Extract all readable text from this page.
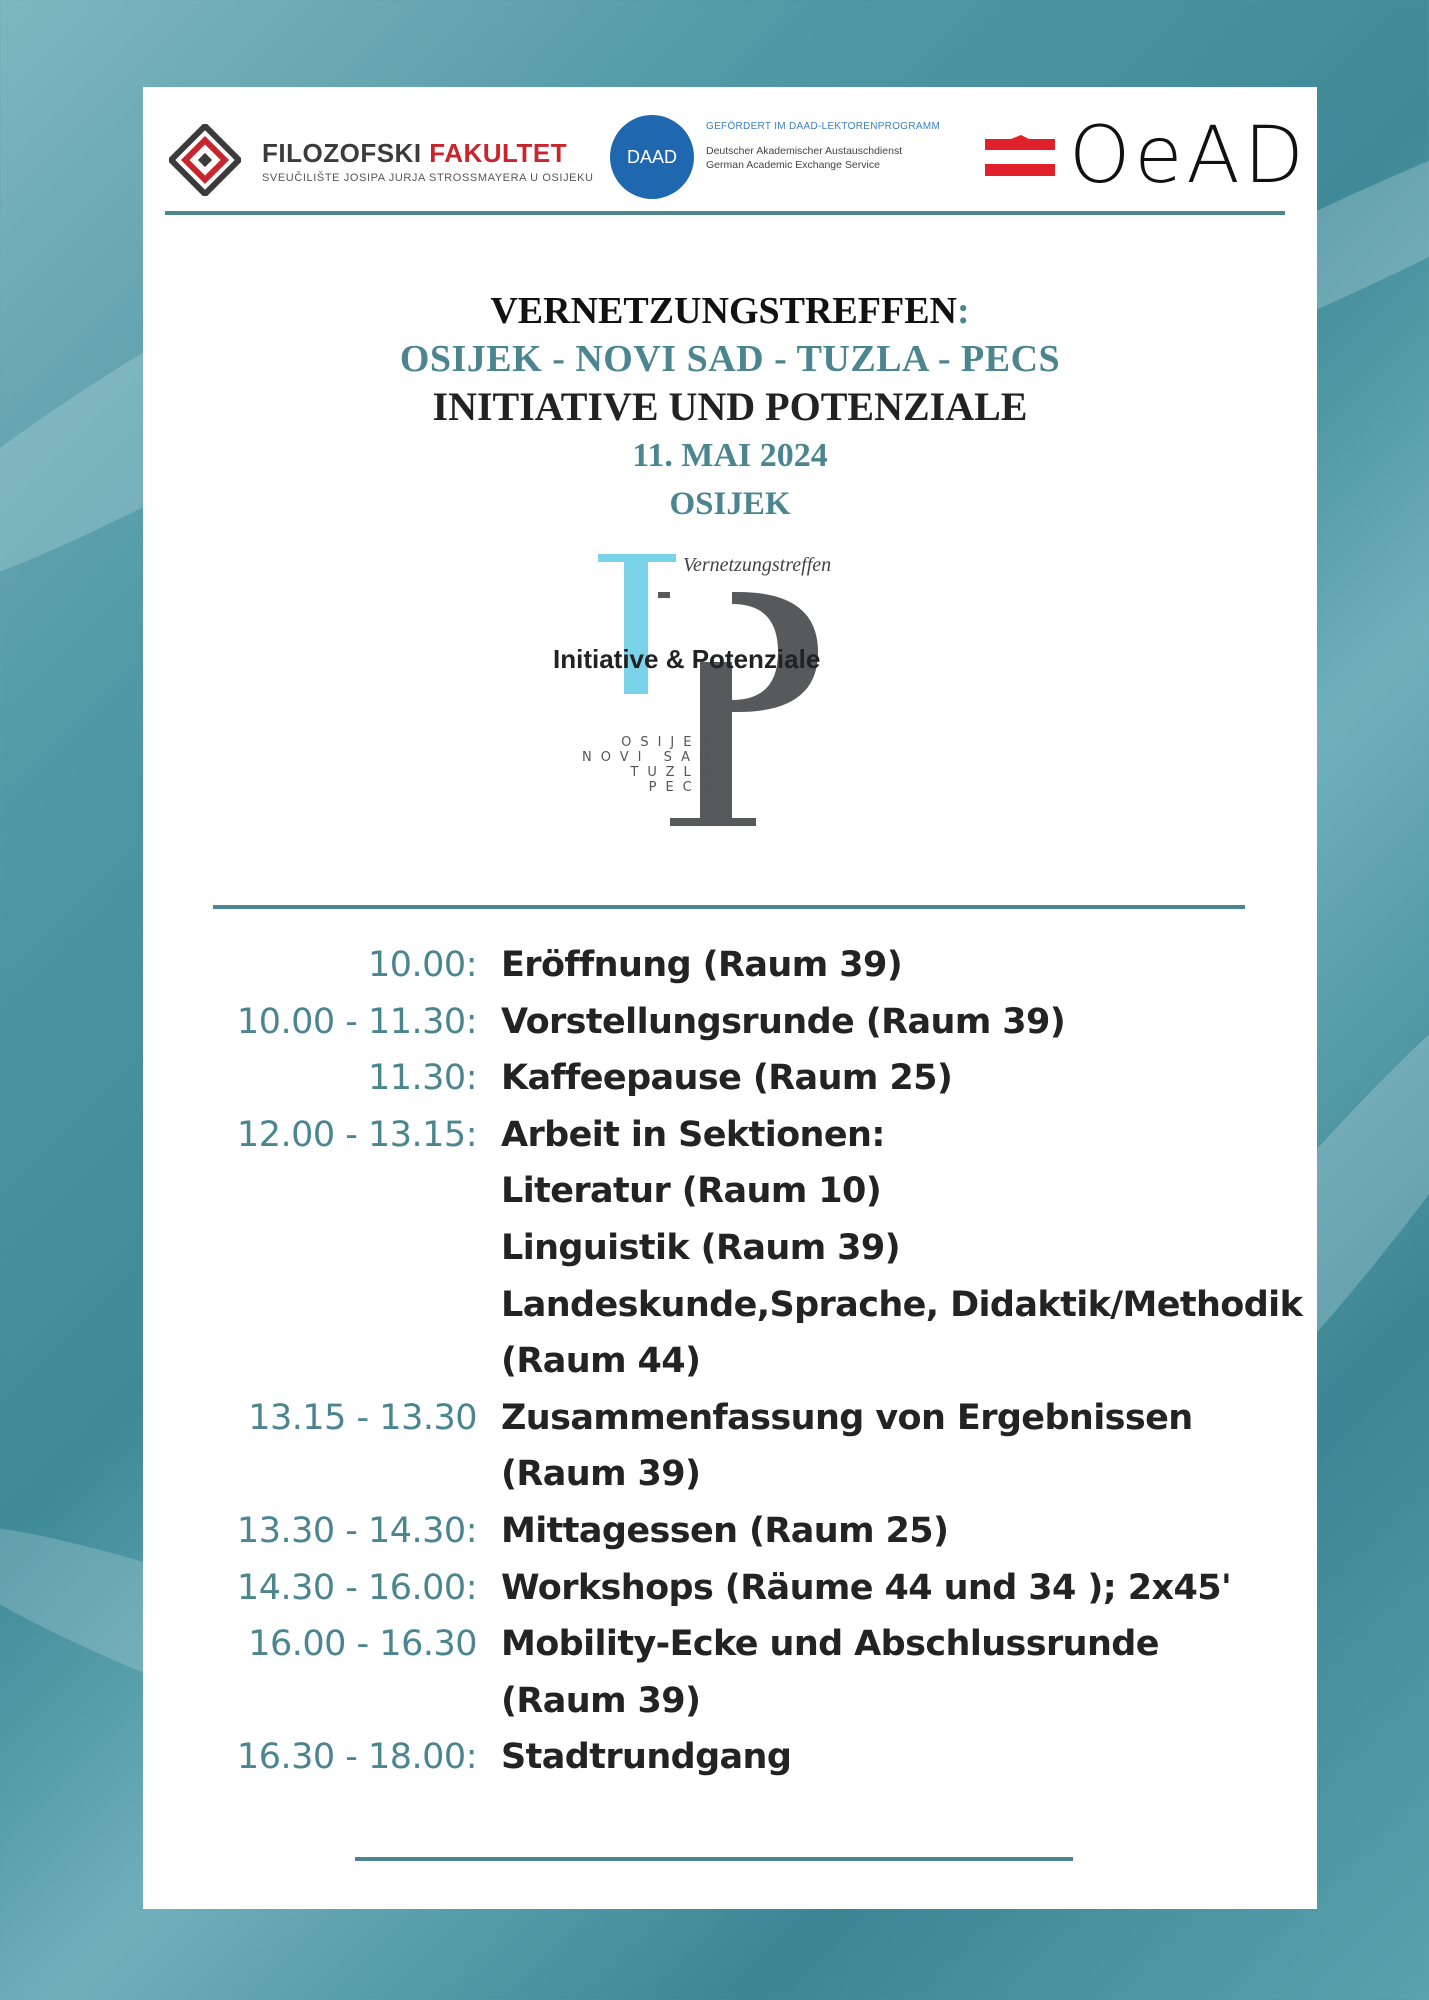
FILOZOFSKI FAKULTET
SVEUČILIŠTE JOSIPA JURJA STROSSMAYERA U OSIJEKU
DAAD
GEFÖRDERT IM DAAD-LEKTORENPROGRAMM
Deutscher Akademischer Austauschdienst
German Academic Exchange Service OeAD
VERNETZUNGSTREFFEN:
OSIJEK - NOVI SAD - TUZLA - PECS
INITIATIVE UND POTENZIALE
11. MAI 2024
OSIJEK
Vernetzungstreffen
Initiative & Potenziale
OSIJEK
NOVI SAD
TUZLA
PECS
10.00: Eröffnung (Raum 39)
10.00 - 11.30: Vorstellungsrunde (Raum 39)
11.30: Kaffeepause (Raum 25)
12.00 - 13.15: Arbeit in Sektionen:
Literatur (Raum 10)
Linguistik (Raum 39)
Landeskunde,Sprache, Didaktik/Methodik
(Raum 44)
13.15 - 13.30 Zusammenfassung von Ergebnissen
(Raum 39)
13.30 - 14.30: Mittagessen (Raum 25)
14.30 - 16.00: Workshops (Räume 44 und 34 ); 2x45'
16.00 - 16.30 Mobility-Ecke und Abschlussrunde
(Raum 39)
16.30 - 18.00: Stadtrundgang
